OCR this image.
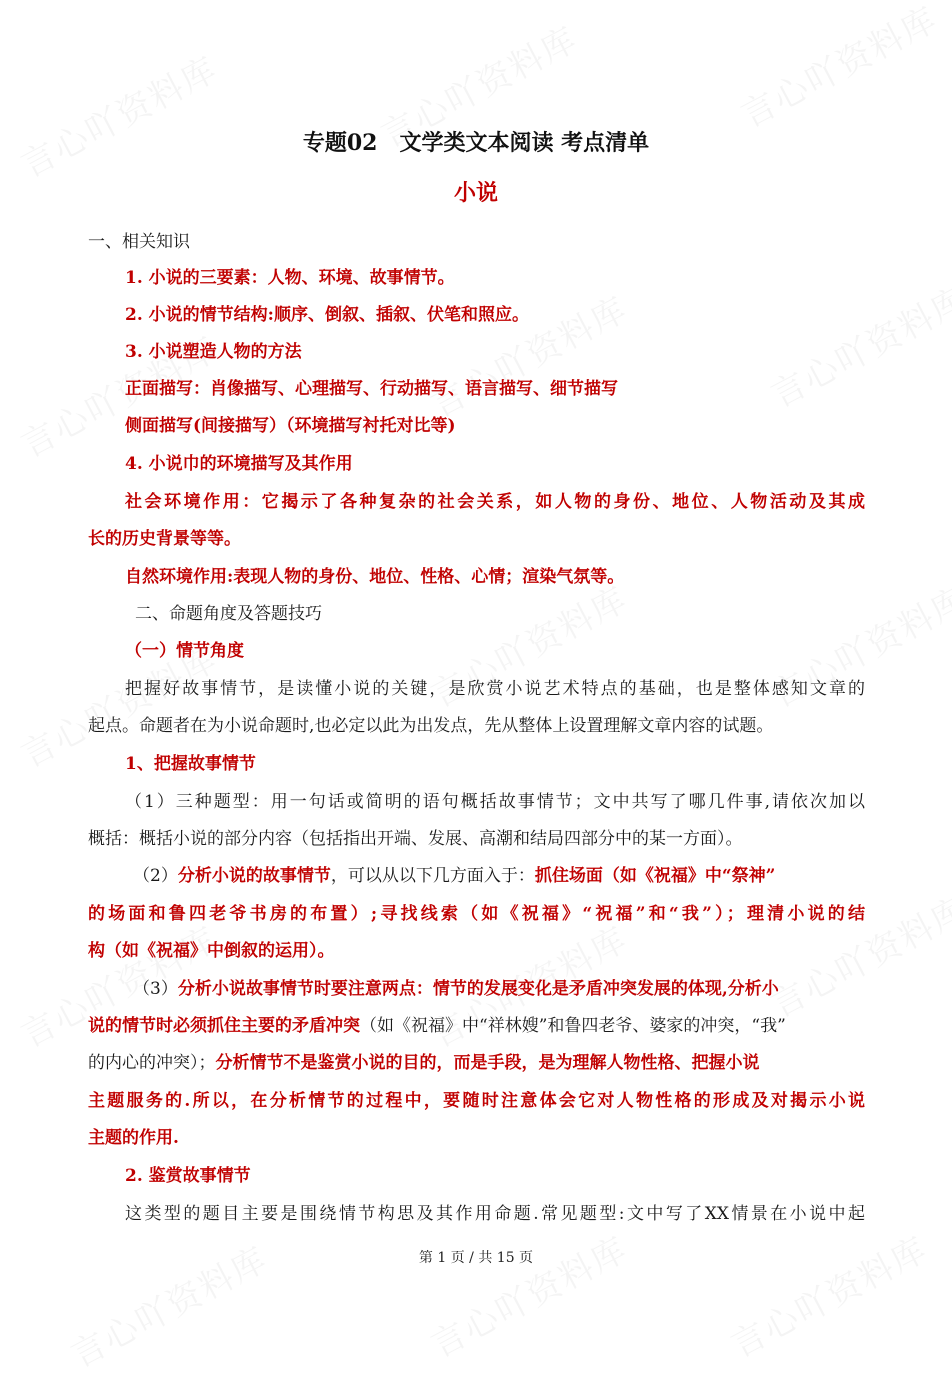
专题02　文学类文本阅读 考点清单
小说
一、相关知识
1. 小说的三要素：人物、环境、故事情节。
2. 小说的情节结构:顺序、倒叙、插叙、伏笔和照应。
3. 小说塑造人物的方法
正面描写：肖像描写、心理描写、行动描写、语言描写、细节描写
侧面描写(间接描写）（环境描写衬托对比等)
4. 小说巾的环境描写及其作用
社会环境作用：它揭示了各种复杂的社会关系，如人物的身份、地位、人物活动及其成
长的历史背景等等。
自然环境作用:表现人物的身份、地位、性格、心情；渲染气氛等。
二、命题角度及答题技巧
（一）情节角度
把握好故事情节，是读懂小说的关键，是欣赏小说艺术特点的基础，也是整体感知文章的
起点。命题者在为小说命题时,也必定以此为出发点，先从整体上设置理解文章内容的试题。
1、把握故事情节
（1）三种题型：用一句话或简明的语句概括故事情节；文中共写了哪几件事,请依次加以
概括：概括小说的部分内容（包括指出开端、发展、高潮和结局四部分中的某一方面）。
（2）分析小说的故事情节，可以从以下几方面入于：抓住场面（如《祝福》中“祭神”
的场面和鲁四老爷书房的布置）;寻找线索（如《祝福》“祝福”和“我”）；理清小说的结
构（如《祝福》中倒叙的运用）。
（3）分析小说故事情节时要注意两点：情节的发展变化是矛盾冲突发展的体现,分析小
说的情节时必须抓住主要的矛盾冲突（如《祝福》中“祥林嫂”和鲁四老爷、婆家的冲突，“我”
的内心的冲突）；分析情节不是鉴赏小说的目的，而是手段，是为理解人物性格、把握小说
主题服务的.所以，在分析情节的过程中，要随时注意体会它对人物性格的形成及对揭示小说
主题的作用.
2. 鉴赏故事情节
这类型的题目主要是围绕情节构思及其作用命题.常见题型:文中写了XX情景在小说中起
第 1 页 / 共 15 页
